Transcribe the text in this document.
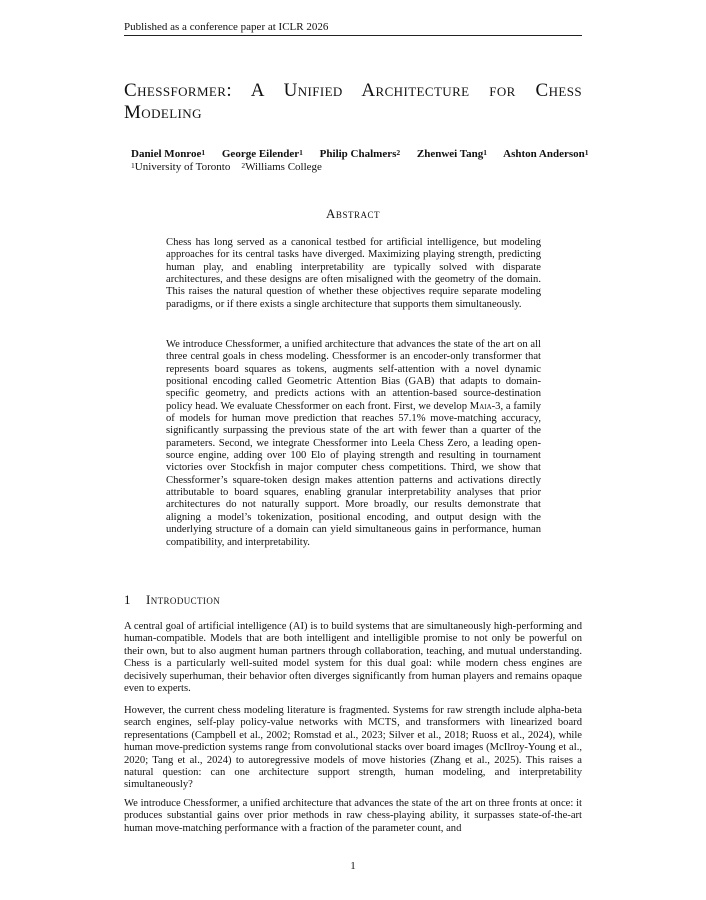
Published as a conference paper at ICLR 2026
Chessformer: A Unified Architecture for Chess Modeling
Daniel Monroe$^1$ George Eilender$^1$ Philip Chalmers$^2$ Zhenwei Tang$^1$ Ashton Anderson$^1$
$^1$University of Toronto $^2$Williams College
Abstract

Chess has long served as a canonical testbed for artificial intelligence, but modeling approaches for its central tasks have diverged. Maximizing playing strength, predicting human play, and enabling interpretability are typically solved with disparate architectures, and these designs are often misaligned with the geometry of the domain. This raises the natural question of whether these objectives require separate modeling paradigms, or if there exists a single architecture that supports them simultaneously.

We introduce Chessformer, a unified architecture that advances the state of the art on all three central goals in chess modeling. Chessformer is an encoder-only transformer that represents board squares as tokens, augments self-attention with a novel dynamic positional encoding called Geometric Attention Bias (GAB) that adapts to domain-specific geometry, and predicts actions with an attention-based source-destination policy head. We evaluate Chessformer on each front. First, we develop Maia-3, a family of models for human move prediction that reaches 57.1% move-matching accuracy, significantly surpassing the previous state of the art with fewer than a quarter of the parameters. Second, we integrate Chessformer into Leela Chess Zero, a leading open-source engine, adding over 100 Elo of playing strength and resulting in tournament victories over Stockfish in major computer chess competitions. Third, we show that Chessformer’s square-token design makes attention patterns and activations directly attributable to board squares, enabling granular interpretability analyses that prior architectures do not naturally support. More broadly, our results demonstrate that aligning a model’s tokenization, positional encoding, and output design with the underlying structure of a domain can yield simultaneous gains in performance, human compatibility, and interpretability.

1 Introduction

A central goal of artificial intelligence (AI) is to build systems that are simultaneously high-performing and human-compatible. Models that are both intelligent and intelligible promise to not only be powerful on their own, but to also augment human partners through collaboration, teaching, and mutual understanding. Chess is a particularly well-suited model system for this dual goal: while modern chess engines are decisively superhuman, their behavior often diverges significantly from human players and remains opaque even to experts.

However, the current chess modeling literature is fragmented. Systems for raw strength include alpha-beta search engines, self-play policy-value networks with MCTS, and transformers with linearized board representations (Campbell et al., 2002; Romstad et al., 2023; Silver et al., 2018; Ruoss et al., 2024), while human move-prediction systems range from convolutional stacks over board images (McIlroy-Young et al., 2020; Tang et al., 2024) to autoregressive models of move histories (Zhang et al., 2025). This raises a natural question: can one architecture support strength, human modeling, and interpretability simultaneously?

We introduce Chessformer, a unified architecture that advances the state of the art on three fronts at once: it produces substantial gains over prior methods in raw chess-playing ability, it surpasses state-of-the-art human move-matching performance with a fraction of the parameter count, and

1
